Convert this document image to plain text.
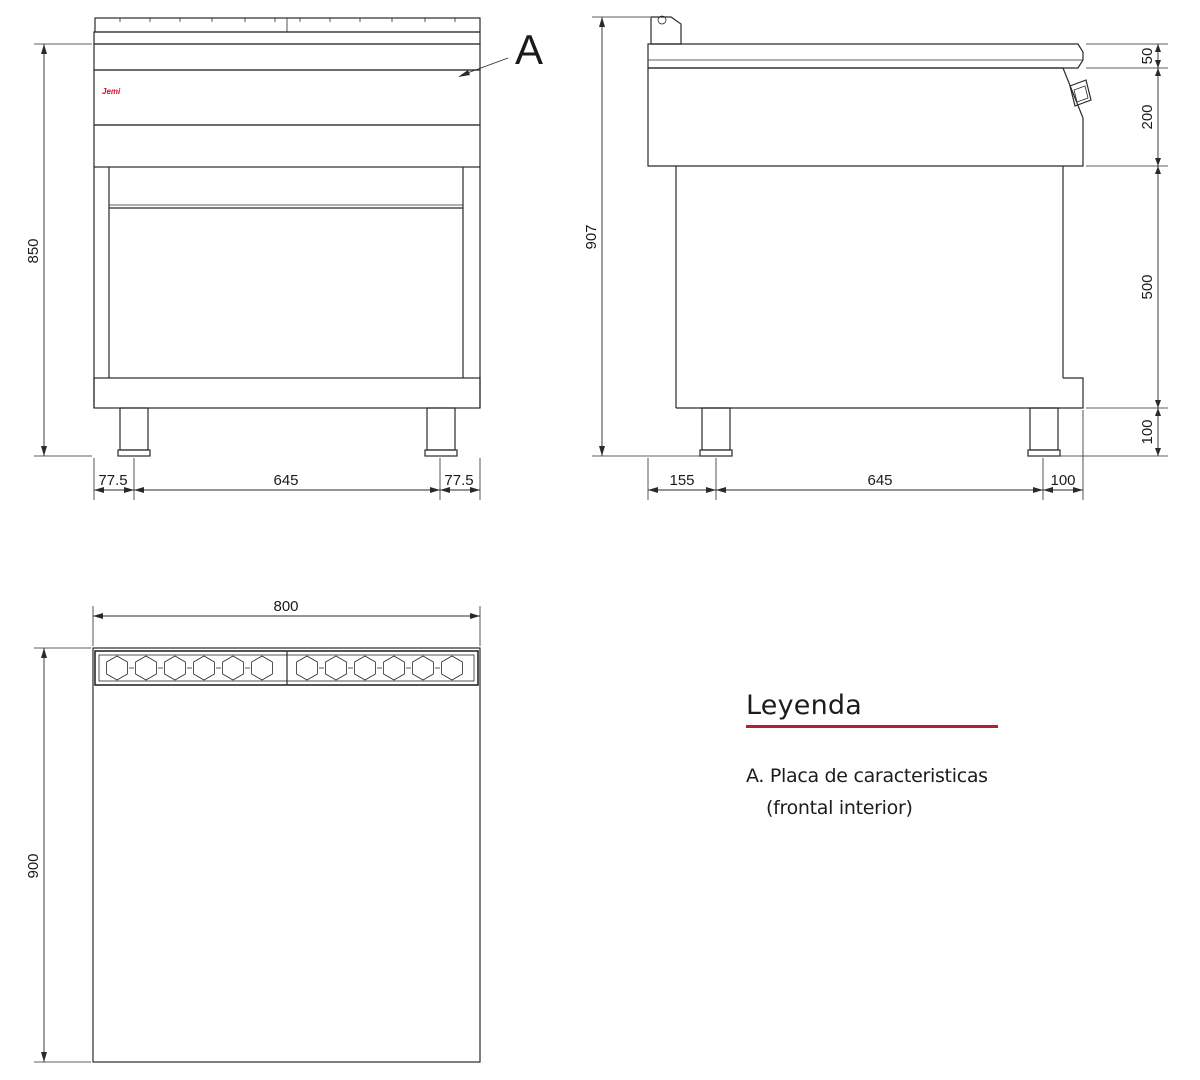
Jemi
A
850
77.5	645	77.5
907
50
200
500
100
155	645	100
800
900
Leyenda
A. Placa de caracteristicas
(frontal interior)
